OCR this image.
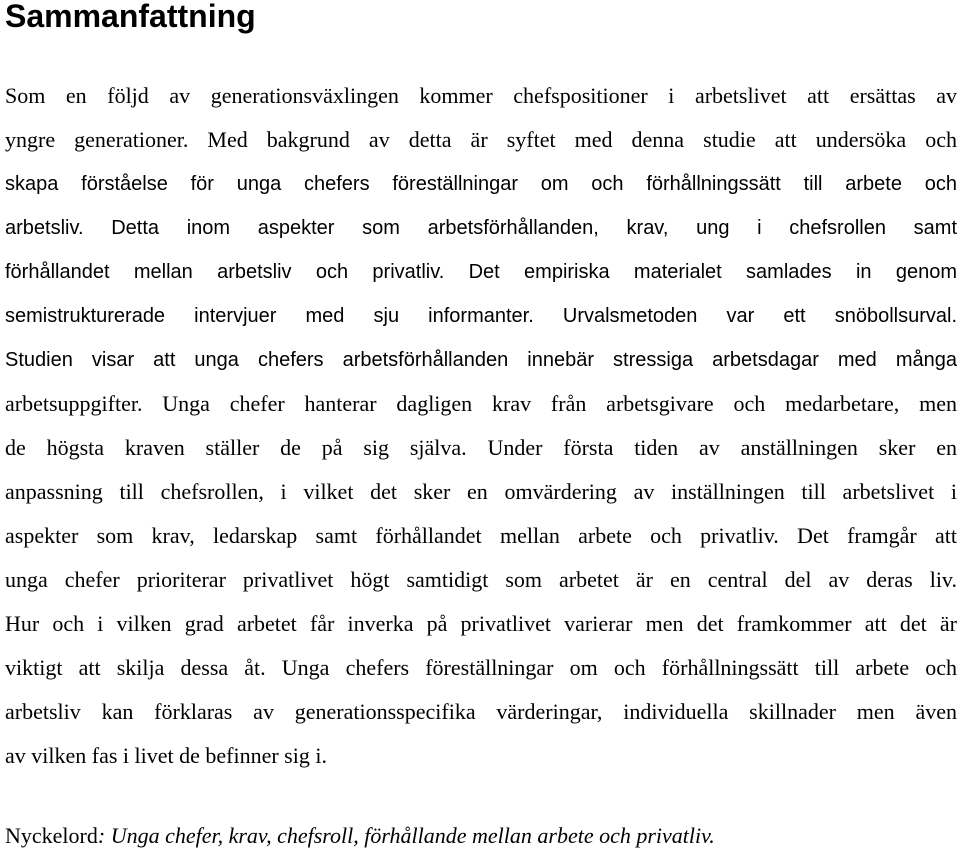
Sammanfattning
Som en följd av generationsväxlingen kommer chefspositioner i arbetslivet att ersättas av
yngre generationer. Med bakgrund av detta är syftet med denna studie att undersöka och
skapa förståelse för unga chefers föreställningar om och förhållningssätt till arbete och
arbetsliv. Detta inom aspekter som arbetsförhållanden, krav, ung i chefsrollen samt
förhållandet mellan arbetsliv och privatliv. Det empiriska materialet samlades in genom
semistrukturerade intervjuer med sju informanter. Urvalsmetoden var ett snöbollsurval.
Studien visar att unga chefers arbetsförhållanden innebär stressiga arbetsdagar med många
arbetsuppgifter. Unga chefer hanterar dagligen krav från arbetsgivare och medarbetare, men
de högsta kraven ställer de på sig själva. Under första tiden av anställningen sker en
anpassning till chefsrollen, i vilket det sker en omvärdering av inställningen till arbetslivet i
aspekter som krav, ledarskap samt förhållandet mellan arbete och privatliv. Det framgår att
unga chefer prioriterar privatlivet högt samtidigt som arbetet är en central del av deras liv.
Hur och i vilken grad arbetet får inverka på privatlivet varierar men det framkommer att det är
viktigt att skilja dessa åt. Unga chefers föreställningar om och förhållningssätt till arbete och
arbetsliv kan förklaras av generationsspecifika värderingar, individuella skillnader men även
av vilken fas i livet de befinner sig i.

Nyckelord: Unga chefer, krav, chefsroll, förhållande mellan arbete och privatliv.
